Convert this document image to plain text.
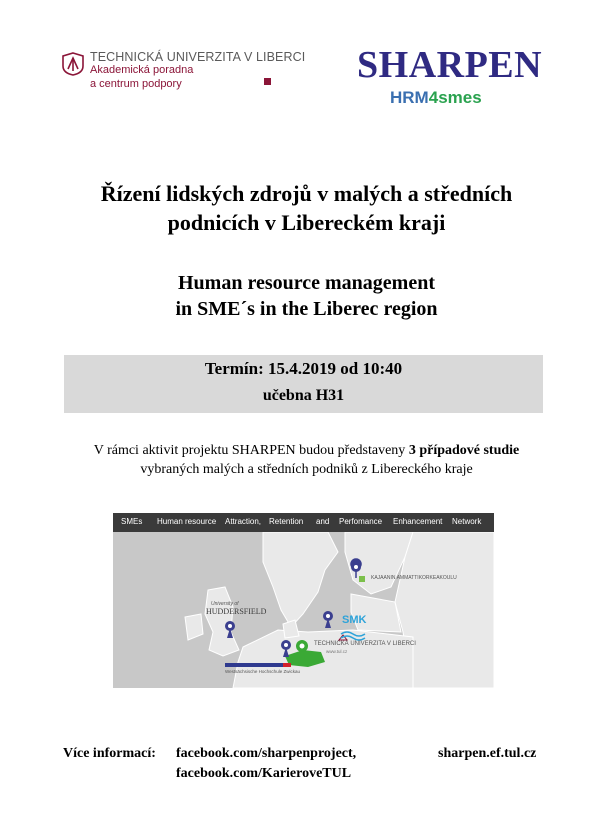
TECHNICKÁ UNIVERZITA V LIBERCI
Akademická poradna
a centrum podpory	SHARPEN
HRM4smes
Řízení lidských zdrojů v malých a středních
podnicích v Libereckém kraji
Human resource management
in SME´s in the Liberec region
Termín: 15.4.2019 od 10:40
učebna H31
V rámci aktivit projektu SHARPEN budou představeny 3 případové studie
vybraných malých a středních podniků z Libereckého kraje
SMEs Human resource Attraction, Retention and Perfomance Enhancement Network
KAJAANIN AMMATTIKORKEAKOULU
University of
HUDDERSFIELD
SMK
TECHNICKÁ UNIVERZITA V LIBERCI
www.tul.cz
Westsächsische Hochschule Zwickau
Více informací: facebook.com/sharpenproject,
facebook.com/KarieroveTUL
sharpen.ef.tul.cz
